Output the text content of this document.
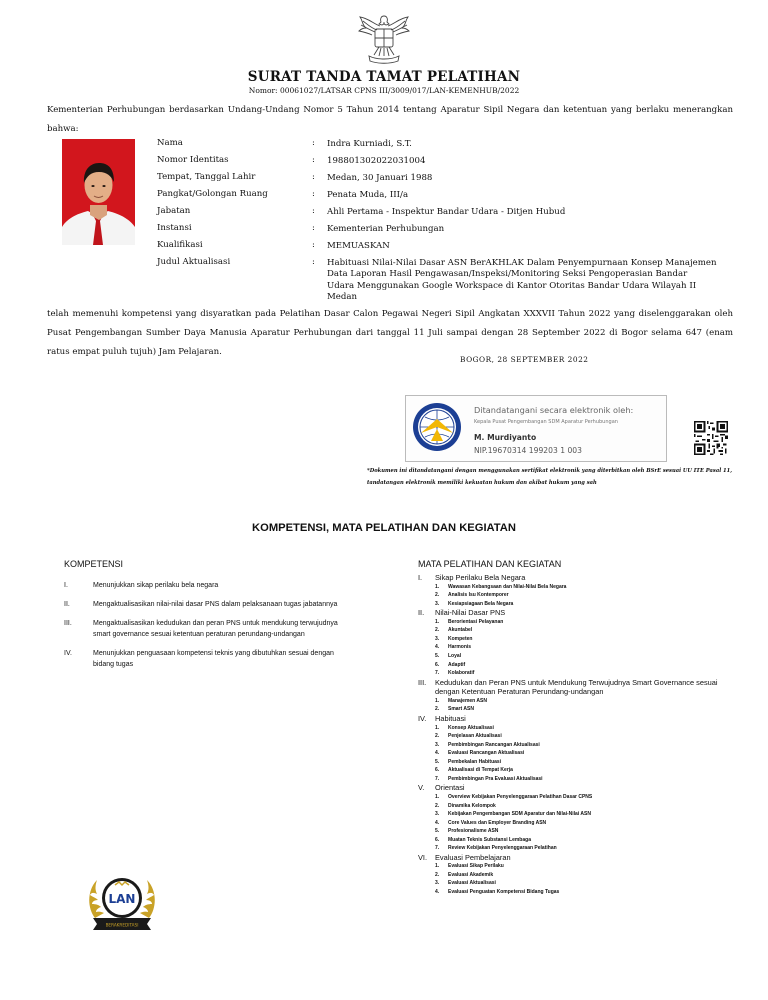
SURAT TANDA TAMAT PELATIHAN
Nomor: 00061027/LATSAR CPNS III/3009/017/LAN-KEMENHUB/2022
Kementerian Perhubungan berdasarkan Undang-Undang Nomor 5 Tahun 2014 tentang Aparatur Sipil Negara dan ketentuan yang berlaku menerangkan bahwa:
Nama	:	Indra Kurniadi, S.T.
Nomor Identitas	:	198801302022031004
Tempat, Tanggal Lahir	:	Medan, 30 Januari 1988
Pangkat/Golongan Ruang	:	Penata Muda, III/a
Jabatan	:	Ahli Pertama - Inspektur Bandar Udara - Ditjen Hubud
Instansi	:	Kementerian Perhubungan
Kualifikasi	:	MEMUASKAN
Judul Aktualisasi	:	Habituasi Nilai-Nilai Dasar ASN BerAKHLAK Dalam Penyempurnaan Konsep Manajemen Data Laporan Hasil Pengawasan/Inspeksi/Monitoring Seksi Pengoperasian Bandar Udara Menggunakan Google Workspace di Kantor Otoritas Bandar Udara Wilayah II Medan
telah memenuhi kompetensi yang disyaratkan pada Pelatihan Dasar Calon Pegawai Negeri Sipil Angkatan XXXVII Tahun 2022 yang diselenggarakan oleh Pusat Pengembangan Sumber Daya Manusia Aparatur Perhubungan dari tanggal 11 Juli sampai dengan 28 September 2022 di Bogor selama 647 (enam ratus empat puluh tujuh) Jam Pelajaran.
BOGOR, 28 SEPTEMBER 2022
Ditandatangani secara elektronik oleh:
Kepala Pusat Pengembangan SDM Aparatur Perhubungan
M. Murdiyanto
NIP.19670314 199203 1 003
*Dokumen ini ditandatangani dengan menggunakan sertifikat elektronik yang diterbitkan oleh BSrE sesuai UU ITE Pasal 11, tandatangan elektronik memiliki kekuatan hukum dan akibat hukum yang sah
KOMPETENSI, MATA PELATIHAN DAN KEGIATAN
KOMPETENSI
I.	Menunjukkan sikap perilaku bela negara
II.	Mengaktualisasikan nilai-nilai dasar PNS dalam pelaksanaan tugas jabatannya
III.	Mengaktualisasikan kedudukan dan peran PNS untuk mendukung terwujudnya smart governance sesuai ketentuan peraturan perundang-undangan
IV.	Menunjukkan penguasaan kompetensi teknis yang dibutuhkan sesuai dengan bidang tugas
MATA PELATIHAN DAN KEGIATAN
I.	Sikap Perilaku Bela Negara
1.	Wawasan Kebangsaan dan Nilai-Nilai Bela Negara
2.	Analisis Isu Kontemporer
3.	Kesiapsiagaan Bela Negara
II.	Nilai-Nilai Dasar PNS
1.	Berorientasi Pelayanan
2.	Akuntabel
3.	Kompeten
4.	Harmonis
5.	Loyal
6.	Adaptif
7.	Kolaboratif
III.	Kedudukan dan Peran PNS untuk Mendukung Terwujudnya Smart Governance sesuai dengan Ketentuan Peraturan Perundang-undangan
1.	Manajemen ASN
2.	Smart ASN
IV.	Habituasi
1.	Konsep Aktualisasi
2.	Penjelasan Aktualisasi
3.	Pembimbingan Rancangan Aktualisasi
4.	Evaluasi Rancangan Aktualisasi
5.	Pembekalan Habituasi
6.	Aktualisasi di Tempat Kerja
7.	Pembimbingan Pra Evaluasi Aktualisasi
V.	Orientasi
1.	Overview Kebijakan Penyelenggaraan Pelatihan Dasar CPNS
2.	Dinamika Kelompok
3.	Kebijakan Pengembangan SDM Aparatur dan Nilai-Nilai ASN
4.	Core Values dan Employer Branding ASN
5.	Profesionalisme ASN
6.	Muatan Teknis Substansi Lembaga
7.	Review Kebijakan Penyelenggaraan Pelatihan
VI.	Evaluasi Pembelajaran
1.	Evaluasi Sikap Perilaku
2.	Evaluasi Akademik
3.	Evaluasi Aktualisasi
4.	Evaluasi Penguatan Kompetensi Bidang Tugas
LAN
BERAKREDITASI
